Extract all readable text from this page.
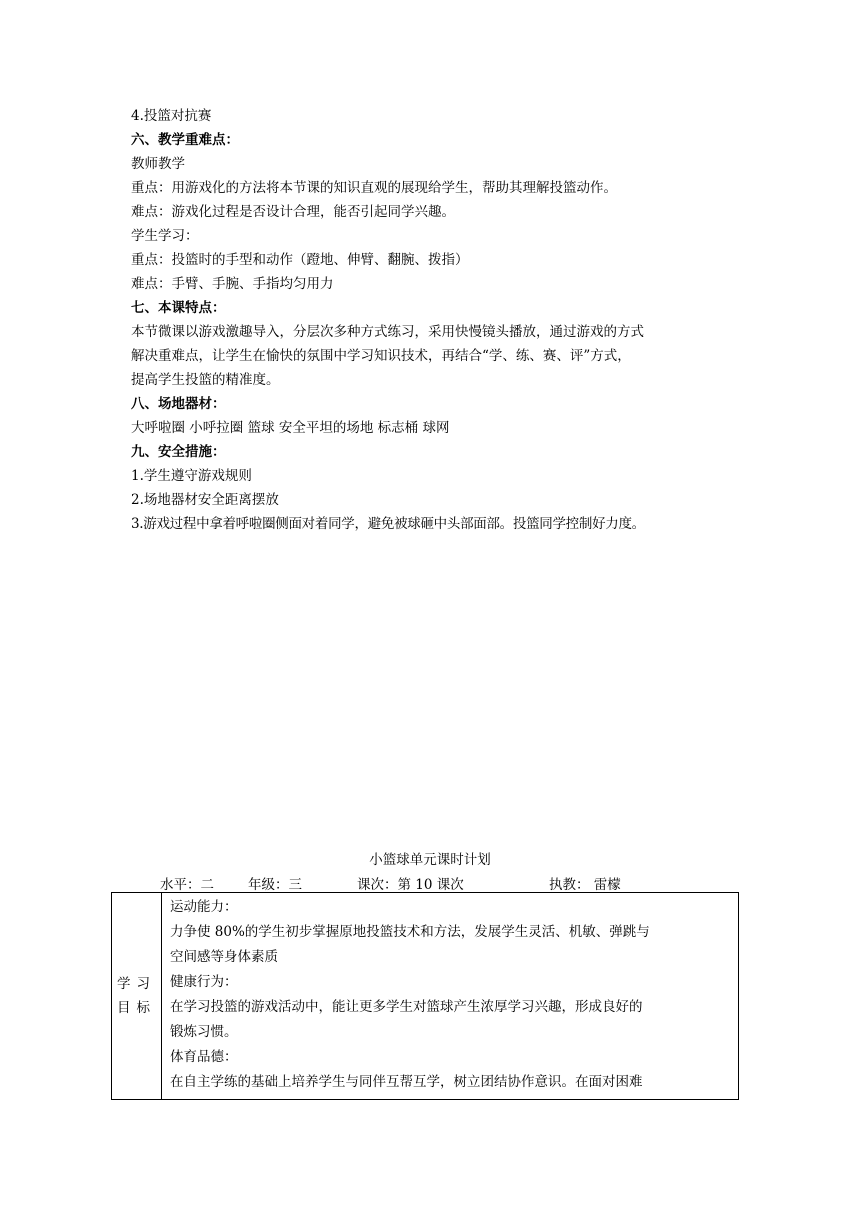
4.投篮对抗赛
六、教学重难点：
教师教学
重点：用游戏化的方法将本节课的知识直观的展现给学生，帮助其理解投篮动作。
难点：游戏化过程是否设计合理，能否引起同学兴趣。
学生学习：
重点：投篮时的手型和动作（蹬地、伸臂、翻腕、拨指）
难点：手臂、手腕、手指均匀用力
七、本课特点：
本节微课以游戏激趣导入，分层次多种方式练习，采用快慢镜头播放，通过游戏的方式
解决重难点，让学生在愉快的氛围中学习知识技术，再结合“学、练、赛、评”方式，
提高学生投篮的精准度。
八、场地器材：
大呼啦圈 小呼拉圈 篮球 安全平坦的场地 标志桶 球网
九、安全措施：
1.学生遵守游戏规则
2.场地器材安全距离摆放
3.游戏过程中拿着呼啦圈侧面对着同学，避免被球砸中头部面部。投篮同学控制好力度。
小篮球单元课时计划
水平：二	年级：三	课次：第 10 课次	执教： 雷檬
学习
目标

运动能力：
力争使 80%的学生初步掌握原地投篮技术和方法，发展学生灵活、机敏、弹跳与
空间感等身体素质
健康行为：
在学习投篮的游戏活动中，能让更多学生对篮球产生浓厚学习兴趣，形成良好的
锻炼习惯。
体育品德：
在自主学练的基础上培养学生与同伴互帮互学，树立团结协作意识。在面对困难
